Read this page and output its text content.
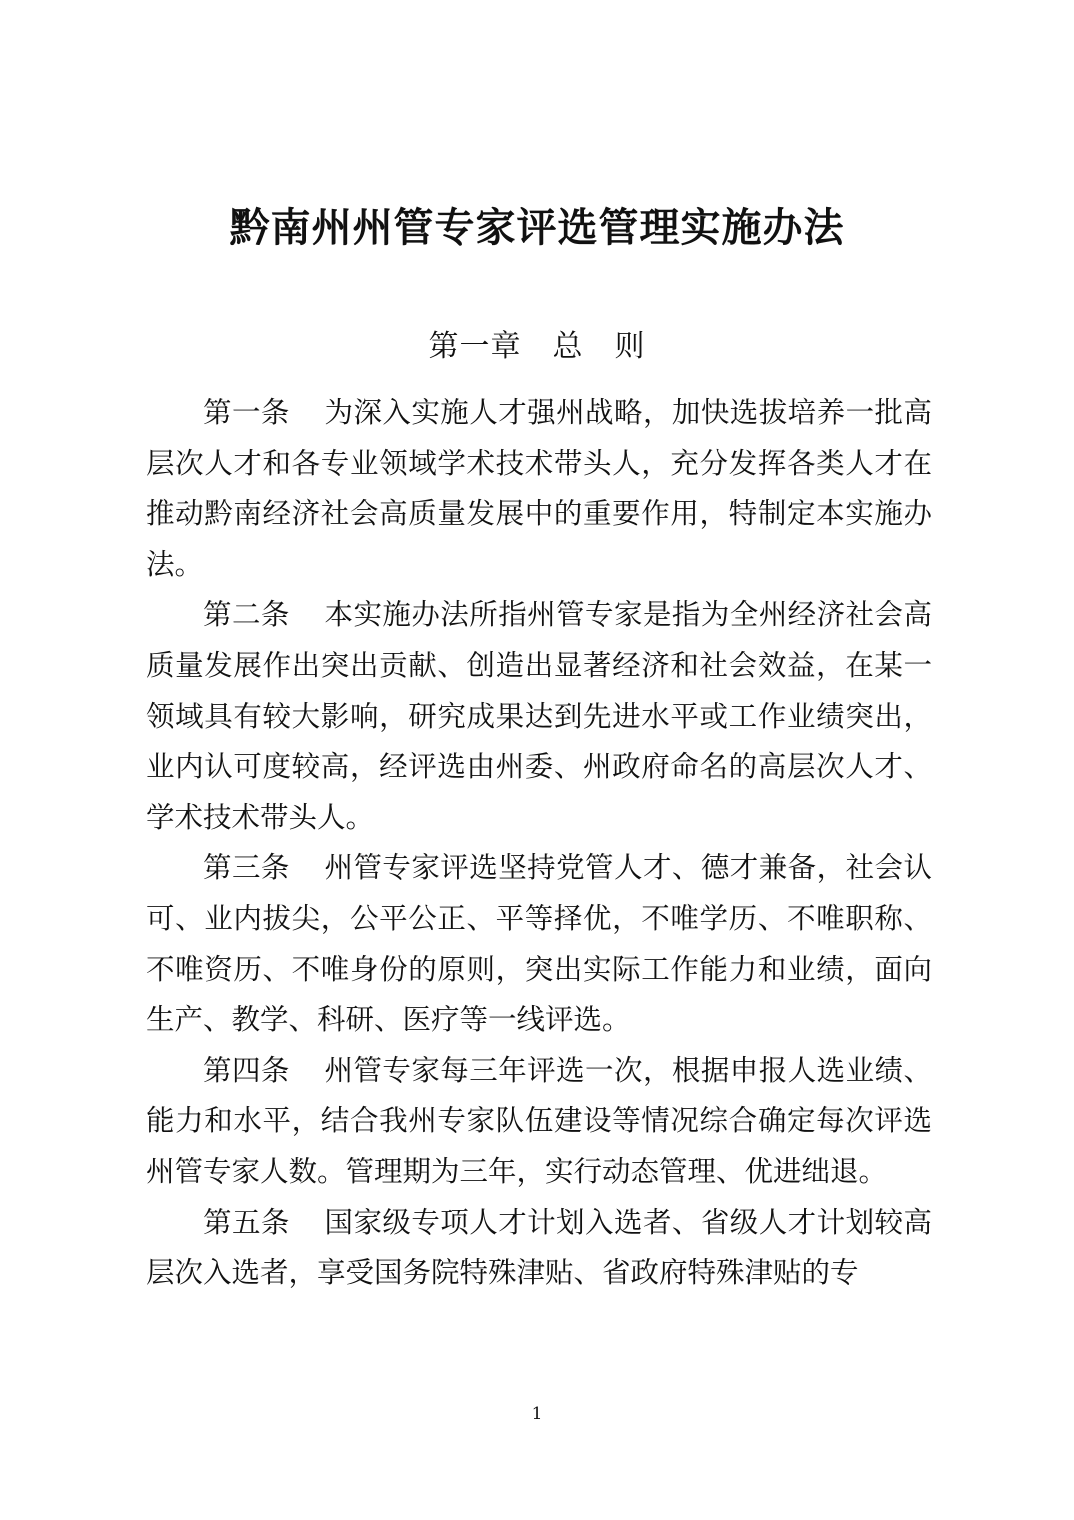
黔南州州管专家评选管理实施办法
第一章　总　则

第一条 为深入实施人才强州战略，加快选拔培养一批高层次人才和各专业领域学术技术带头人，充分发挥各类人才在推动黔南经济社会高质量发展中的重要作用，特制定本实施办法。

第二条 本实施办法所指州管专家是指为全州经济社会高质量发展作出突出贡献、创造出显著经济和社会效益，在某一领域具有较大影响，研究成果达到先进水平或工作业绩突出，业内认可度较高，经评选由州委、州政府命名的高层次人才、学术技术带头人。

第三条 州管专家评选坚持党管人才、德才兼备，社会认可、业内拔尖，公平公正、平等择优，不唯学历、不唯职称、不唯资历、不唯身份的原则，突出实际工作能力和业绩，面向生产、教学、科研、医疗等一线评选。

第四条 州管专家每三年评选一次，根据申报人选业绩、能力和水平，结合我州专家队伍建设等情况综合确定每次评选州管专家人数。管理期为三年，实行动态管理、优进绌退。

第五条 国家级专项人才计划入选者、省级人才计划较高层次入选者，享受国务院特殊津贴、省政府特殊津贴的专

1
